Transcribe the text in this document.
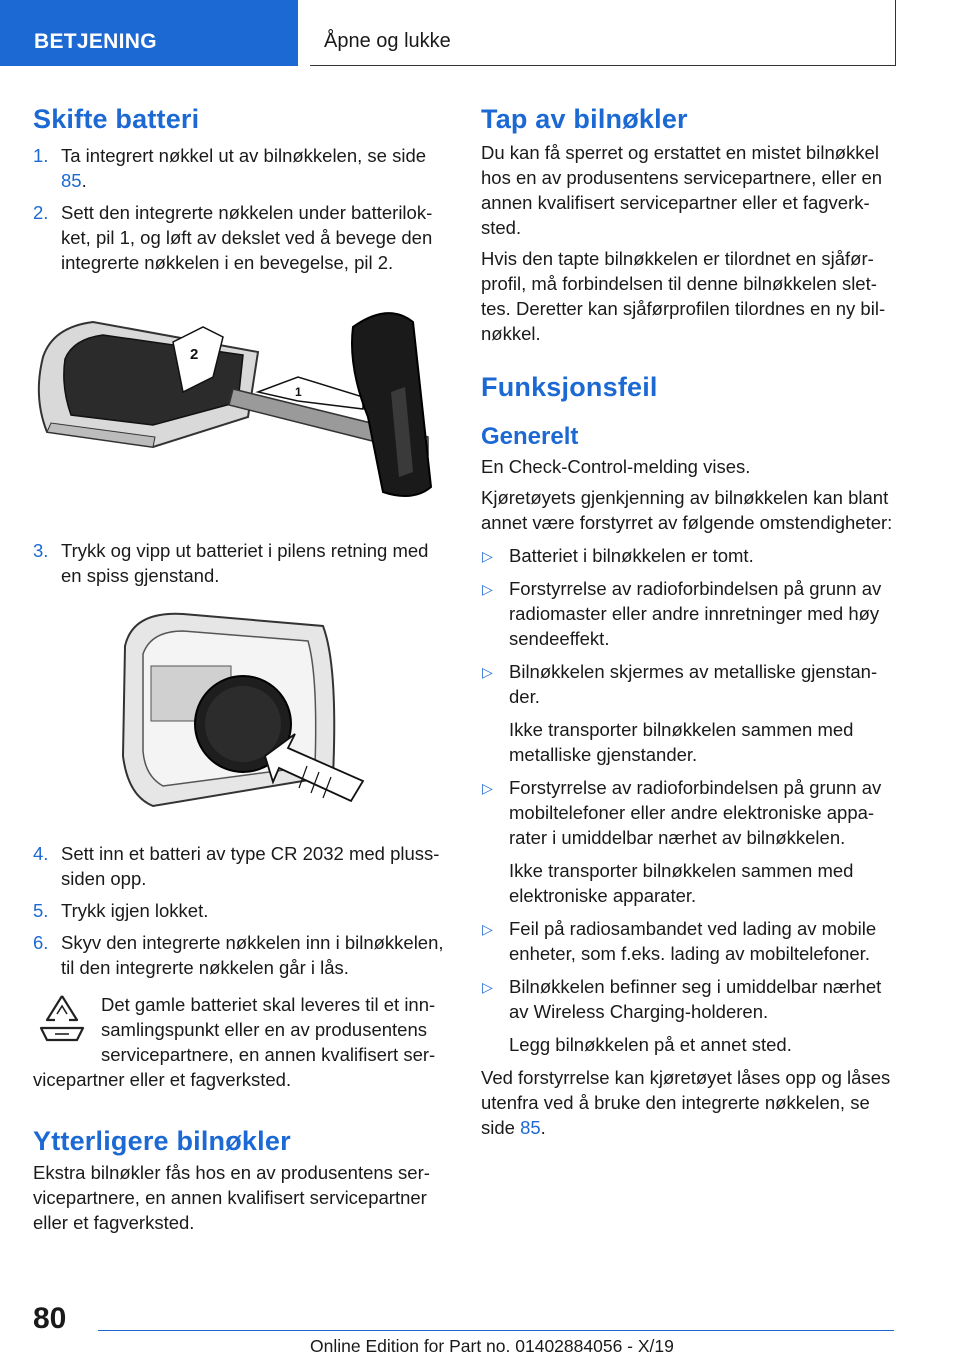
BETJENING	Åpne og lukke
Skifte batteri
1. Ta integrert nøkkel ut av bilnøkkelen, se side 85.
2. Sett den integrerte nøkkelen under batterilokket, pil 1, og løft av dekslet ved å bevege den integrerte nøkkelen i en bevegelse, pil 2.
2
1
3. Trykk og vipp ut batteriet i pilens retning med en spiss gjenstand.
4. Sett inn et batteri av type CR 2032 med pluss-siden opp.
5. Trykk igjen lokket.
6. Skyv den integrerte nøkkelen inn i bilnøkkelen, til den integrerte nøkkelen går i lås.
Det gamle batteriet skal leveres til et innsamlingspunkt eller en av produsentens servicepartnere, en annen kvalifisert servicepartner eller et fagverksted.
Ytterligere bilnøkler

Ekstra bilnøkler fås hos en av produsentens servicepartnere, en annen kvalifisert servicepartner eller et fagverksted.

Tap av bilnøkler

Du kan få sperret og erstattet en mistet bilnøkkel hos en av produsentens servicepartnere, eller en annen kvalifisert servicepartner eller et fagverksted.

Hvis den tapte bilnøkkelen er tilordnet en sjåførprofil, må forbindelsen til denne bilnøkkelen slettes. Deretter kan sjåførprofilen tilordnes en ny bilnøkkel.

Funksjonsfeil
Generelt

En Check-Control-melding vises.

Kjøretøyets gjenkjenning av bilnøkkelen kan blant annet være forstyrret av følgende omstendigheter:

▷ Batteriet i bilnøkkelen er tomt.
▷ Forstyrrelse av radioforbindelsen på grunn av radiomaster eller andre innretninger med høy sendeeffekt.
▷ Bilnøkkelen skjermes av metalliske gjenstander.
Ikke transporter bilnøkkelen sammen med metalliske gjenstander.
▷ Forstyrrelse av radioforbindelsen på grunn av mobiltelefoner eller andre elektroniske apparater i umiddelbar nærhet av bilnøkkelen.
Ikke transporter bilnøkkelen sammen med elektroniske apparater.
▷ Feil på radiosambandet ved lading av mobile enheter, som f.eks. lading av mobiltelefoner.
▷ Bilnøkkelen befinner seg i umiddelbar nærhet av Wireless Charging-holderen.
Legg bilnøkkelen på et annet sted.

Ved forstyrrelse kan kjøretøyet låses opp og låses utenfra ved å bruke den integrerte nøkkelen, se side 85.

80
Online Edition for Part no. 01402884056 - X/19
